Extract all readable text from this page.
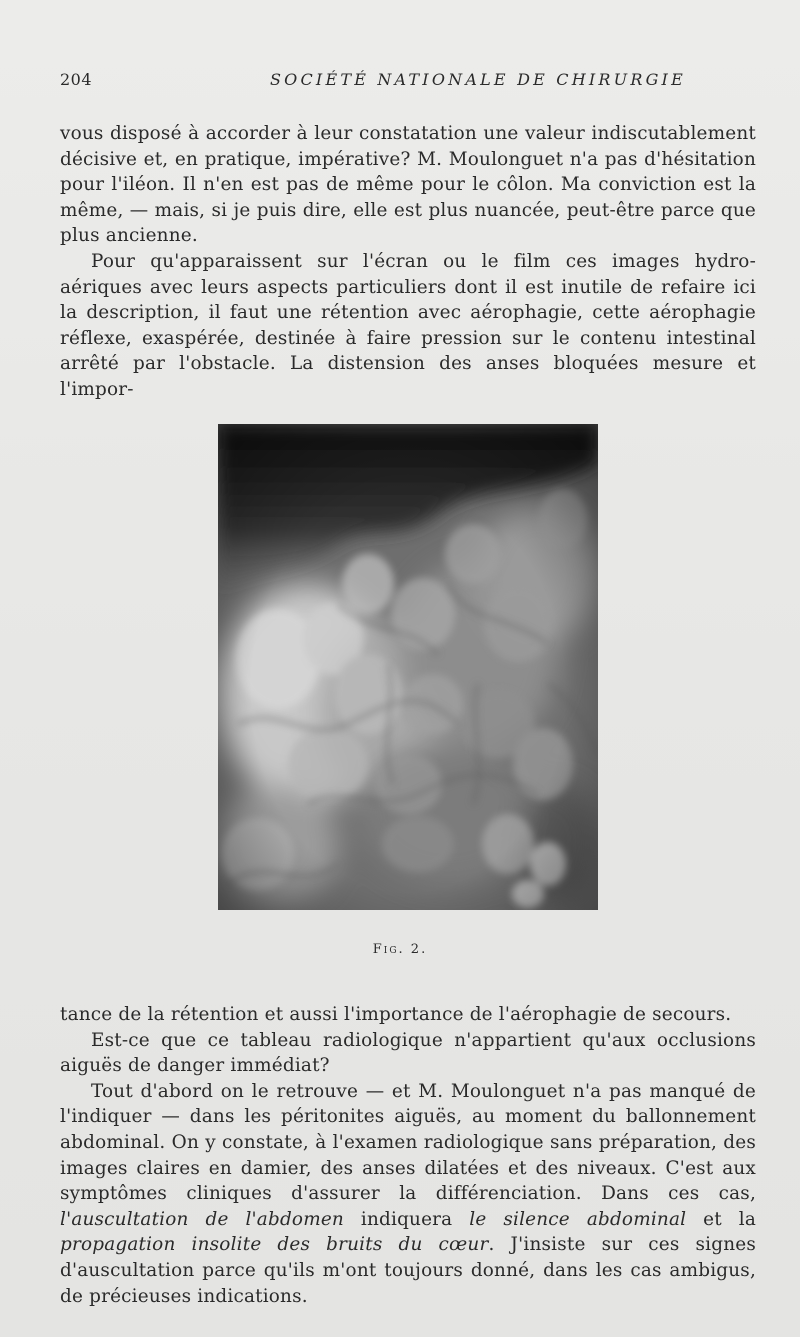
204	SOCIÉTÉ NATIONALE DE CHIRURGIE

vous disposé à accorder à leur constatation une valeur indiscutablement décisive et, en pratique, impérative? M. Moulonguet n'a pas d'hésitation pour l'iléon. Il n'en est pas de même pour le côlon. Ma conviction est la même, — mais, si je puis dire, elle est plus nuancée, peut-être parce que plus ancienne.

Pour qu'apparaissent sur l'écran ou le film ces images hydro-aériques avec leurs aspects particuliers dont il est inutile de refaire ici la description, il faut une rétention avec aérophagie, cette aérophagie réflexe, exaspérée, destinée à faire pression sur le contenu intestinal arrêté par l'obstacle. La distension des anses bloquées mesure et l'impor-

Fig. 2.

tance de la rétention et aussi l'importance de l'aérophagie de secours.

Est-ce que ce tableau radiologique n'appartient qu'aux occlusions aiguës de danger immédiat?

Tout d'abord on le retrouve — et M. Moulonguet n'a pas manqué de l'indiquer — dans les péritonites aiguës, au moment du ballonnement abdominal. On y constate, à l'examen radiologique sans préparation, des images claires en damier, des anses dilatées et des niveaux. C'est aux symptômes cliniques d'assurer la différenciation. Dans ces cas, l'auscultation de l'abdomen indiquera le silence abdominal et la propagation insolite des bruits du cœur. J'insiste sur ces signes d'auscultation parce qu'ils m'ont toujours donné, dans les cas ambigus, de précieuses indications.
